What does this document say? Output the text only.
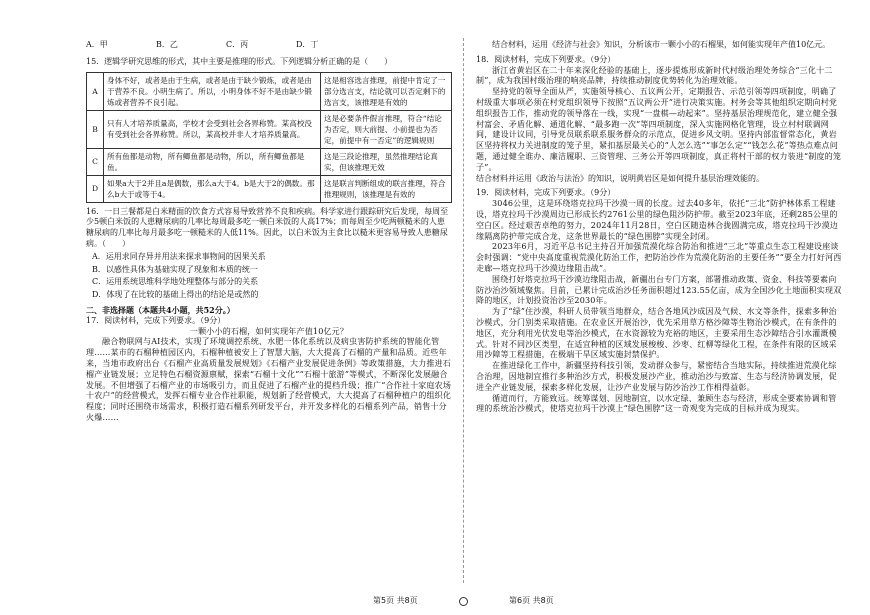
A．甲	B．乙	C．丙	D．丁

15．逻辑学研究思维的形式，其中主要是推理的形式。下列逻辑分析正确的是（　　）

A	身体不好，或者是由于生病，或者是由于缺少锻炼，或者是由于营养不良。小明生病了。所以，小明身体不好不是由缺少锻炼或者营养不良引起。	这是相容选言推理，前提中肯定了一部分选言支，结论就可以否定剩下的选言支，该推理是有效的
B	只有人才培养质量高，学校才会受到社会各界称赞。某高校没有受到社会各界称赞。所以，某高校并非人才培养质量高。	这是必要条件假言推理，符合“结论为否定，则大前提、小前提也为否定，前提中有一否定”的逻辑规则
C	所有鱼都是动物，所有鲫鱼都是动物，所以，所有鲫鱼都是鱼。	这是三段论推理，虽然推理结论真实，但该推理无效
D	如果a大于2并且a是偶数，那么a大于4。b是大于2的偶数。那么b大于或等于4。	这是联言判断组成的联言推理，符合推理规则，该推理是有效的

16．一日三餐都是白米精面的饮食方式容易导致营养不良和疾病。科学家进行跟踪研究后发现，每周至少5顿白米饭的人患糖尿病的几率比每周最多吃一顿白米饭的人高17%；而每周至少吃两顿糙米的人患糖尿病的几率比每月最多吃一顿糙米的人低11%。因此，以白米饭为主食比以糙米更容易导致人患糖尿病。（　　）

A．运用求同存异并用法来探求事物间的因果关系

B．以感性具体为基础实现了现象和本质的统一

C．运用系统思维科学地处理整体与部分的关系

D．体现了在比较的基础上得出的结论是或然的

二、非选择题（本题共4小题，共52分。）

17．阅读材料，完成下列要求。（9分）

一颗小小的石榴，如何实现年产值10亿元？

融合物联网与AI技术，实现了环境调控系统、水肥一体化系统以及病虫害防护系统的智能化管理……某市的石榴种植园区内，石榴种植被安上了智慧大脑，大大提高了石榴的产量和品质。近些年来，当地市政府出台《石榴产业高质量发展规划》《石榴产业发展促进条例》等政策措施，大力推进石榴产业链发展；立足特色石榴资源禀赋，探索“石榴十文化”“石榴十旅游”等模式，不断深化发展融合发展。不但增强了石榴产业的市场吸引力，而且促进了石榴产业的提档升级；推广“合作社十家庭农场十农户”的经营模式，发挥石榴专业合作社职能，规划新了经营模式，大大提高了石榴种植户的组织化程度；同时还围绕市场需求，积极打造石榴系列研发平台，并开发多样化的石榴系列产品，销售十分火爆……

结合材料，运用《经济与社会》知识，分析该市一颗小小的石榴果，如何能实现年产值10亿元。

18．阅读材料，完成下列要求。（9分）

浙江省黄岩区在二十年来深化经验的基础上，逐步提炼形成新时代村级治理处务综合“三化十二制”，成为我国村级治理的响亮品牌，持续推动制度优势转化为治理效能。

坚持党的领导全面从严，实施领导核心、五议两公开，定期报告、示范引领等四项制度，明确了村级重大事项必须在村党组织领导下按照“五议两公开”进行决策实施。村务会等其他组织定期向村党组织报告工作，推动党的领导落在一线，实现“一盘棋—动起来”。坚持基层治理规范化，建立健全强村富会、矛盾化解、通道化解、“最多跑一次”等四项制度，深入实施网格化管理，设立村村联调网间，建设计议同，引导党员联系联系服务群众的示范点，促进乡风文明。坚持内部监督常态化，黄岩区坚持将权力关进制度的笼子里，紧扣基层最关心的“人怎么选”“事怎么定”“钱怎么花”等热点难点问题，通过健全谁办、廉洁履职、三资管理、三务公开等四项制度，真正将村干部的权力装进“制度的笼子”。

结合材料并运用《政治与法治》的知识，说明黄岩区是如何提升基层治理效能的。

19．阅读材料，完成下列要求。（9分）

3046公里，这是环绕塔克拉玛干沙漠一周的长度。过去40多年，依托“三北”防护林体系工程建设，塔克拉玛干沙漠周边已形成长约2761公里的绿色阻沙防护带。截至2023年底，还剩285公里的空白区。经过艰苦卓绝的努力，2024年11月28日，空白区随造林合拢圆满完成，塔克拉玛干沙漠边缘隔离防护带完成合龙，这条世界最长的“绿色围脖”实现全封闭。

2023年6月，习近平总书记主持召开加强荒漠化综合防治和推进“三北”等重点生态工程建设座谈会时强调：“党中央高度重视荒漠化防治工作，把防治沙作为荒漠化防治的主要任务”“要全力打好河西走廊—塔克拉玛干沙漠边缘阻击战”。

围绕打好塔克拉玛干沙漠边缘阻击战，新疆出台专门方案，部署推动政策、资金、科技等要素向防沙治沙领域聚焦。目前，已累计完成治沙任务面积超过123.55亿亩，成为全国沙化土地面积实现双降的地区，计划投资治沙至2030年。

为了“绿”住沙漠，科研人员带领当地群众，结合各地风沙成因及气候、水文等条件，探索多种治沙模式，分门别类采取措施。在农业区开展治沙，优先采用草方格沙障等生物治沙模式，在有条件的地区，充分利用光伏发电等治沙模式，在水资源较为充裕的地区，主要采用生态沙障结合引水灌溉模式。针对不同沙区类型，在适宜种植的区域发展梭梭、沙枣、红柳等绿化工程，在条件有限的区域采用沙障等工程措施，在极端干旱区域实施封禁保护。

在推进绿化工作中，新疆坚持科技引领，发动群众参与，紧密结合当地实际，持续推进荒漠化综合治理，因地制宜推行多种治沙方式，积极发展沙产业，推动治沙与致富、生态与经济协调发展，促进全产业链发展，探索多样化发展，让沙产业发展与防沙治沙工作相得益彰。

循道而行，方能致远。统筹谋划、因地制宜，以水定绿、兼顾生态与经济，形成全要素协调和管理的系统治沙模式，使塔克拉玛干沙漠上“绿色围脖”这一奇观变为完成的目标并成为现实。

第5页 共8页	第6页 共8页
